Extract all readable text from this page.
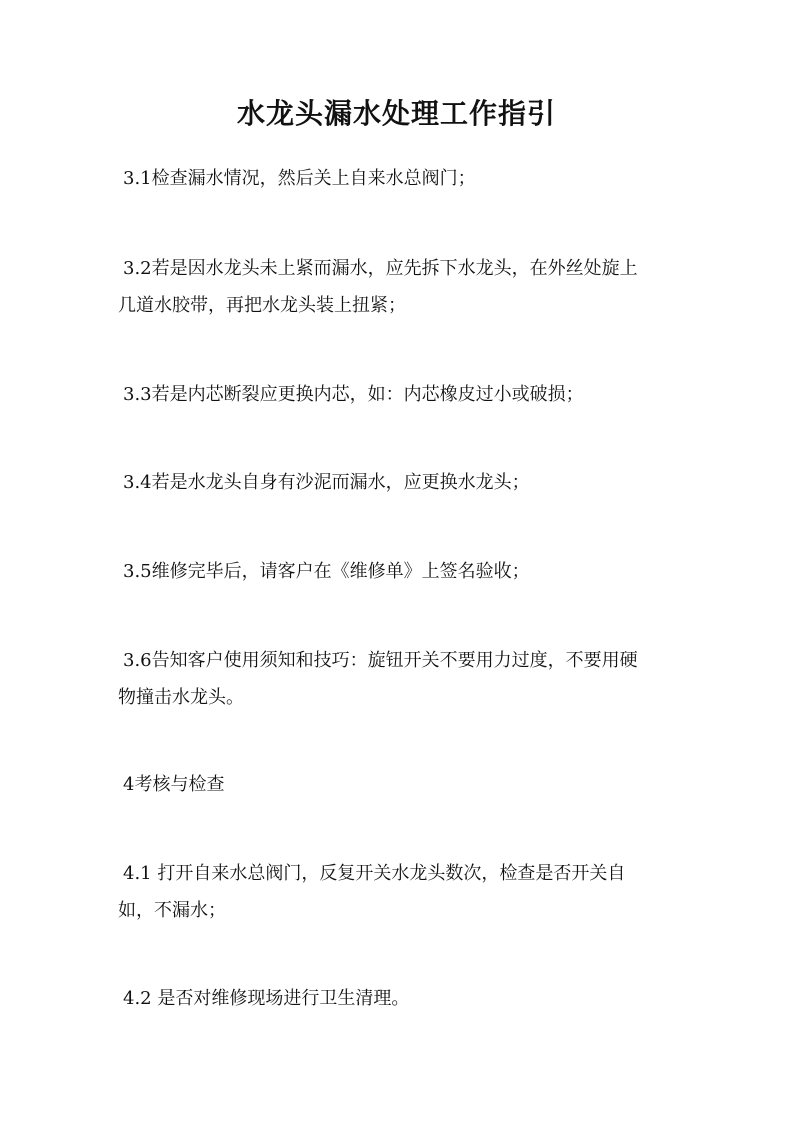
水龙头漏水处理工作指引

3.1检查漏水情况，然后关上自来水总阀门；

3.2若是因水龙头未上紧而漏水，应先拆下水龙头，在外丝处旋上
几道水胶带，再把水龙头装上扭紧；

3.3若是内芯断裂应更换内芯，如：内芯橡皮过小或破损；

3.4若是水龙头自身有沙泥而漏水，应更换水龙头；

3.5维修完毕后，请客户在《维修单》上签名验收；

3.6告知客户使用须知和技巧：旋钮开关不要用力过度，不要用硬
物撞击水龙头。

4考核与检查

4.1 打开自来水总阀门，反复开关水龙头数次，检查是否开关自
如，不漏水；

4.2 是否对维修现场进行卫生清理。
